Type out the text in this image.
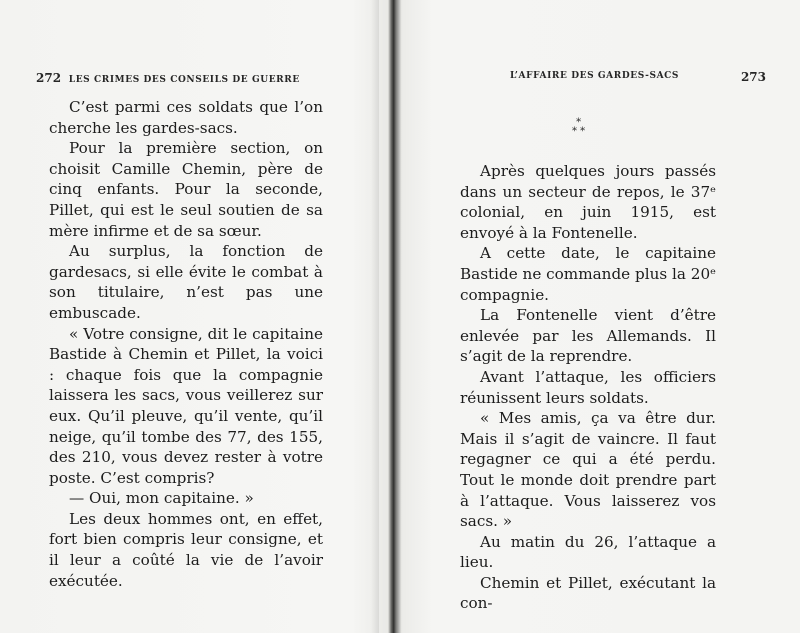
272 LES CRIMES DES CONSEILS DE GUERRE

C’est parmi ces soldats que l’on cherche les gardes-sacs.

Pour la première section, on choisit Camille Chemin, père de cinq enfants. Pour la seconde, Pillet, qui est le seul soutien de sa mère infirme et de sa sœur.

Au surplus, la fonction de gardesacs, si elle évite le combat à son titulaire, n’est pas une embuscade.

« Votre consigne, dit le capitaine Bastide à Chemin et Pillet, la voici : chaque fois que la compagnie laissera les sacs, vous veillerez sur eux. Qu’il pleuve, qu’il vente, qu’il neige, qu’il tombe des 77, des 155, des 210, vous devez rester à votre poste. C’est compris?

— Oui, mon capitaine. »

Les deux hommes ont, en effet, fort bien compris leur consigne, et il leur a coûté la vie de l’avoir exécutée.

L’AFFAIRE DES GARDES-SACS	273
*
* *

Après quelques jours passés dans un secteur de repos, le 37ᵉ colonial, en juin 1915, est envoyé à la Fontenelle.

A cette date, le capitaine Bastide ne commande plus la 20ᵉ compagnie.

La Fontenelle vient d’être enlevée par les Allemands. Il s’agit de la reprendre.

Avant l’attaque, les officiers réunissent leurs soldats.

« Mes amis, ça va être dur. Mais il s’agit de vaincre. Il faut regagner ce qui a été perdu. Tout le monde doit prendre part à l’attaque. Vous laisserez vos sacs. »

Au matin du 26, l’attaque a lieu.

Chemin et Pillet, exécutant la con-
